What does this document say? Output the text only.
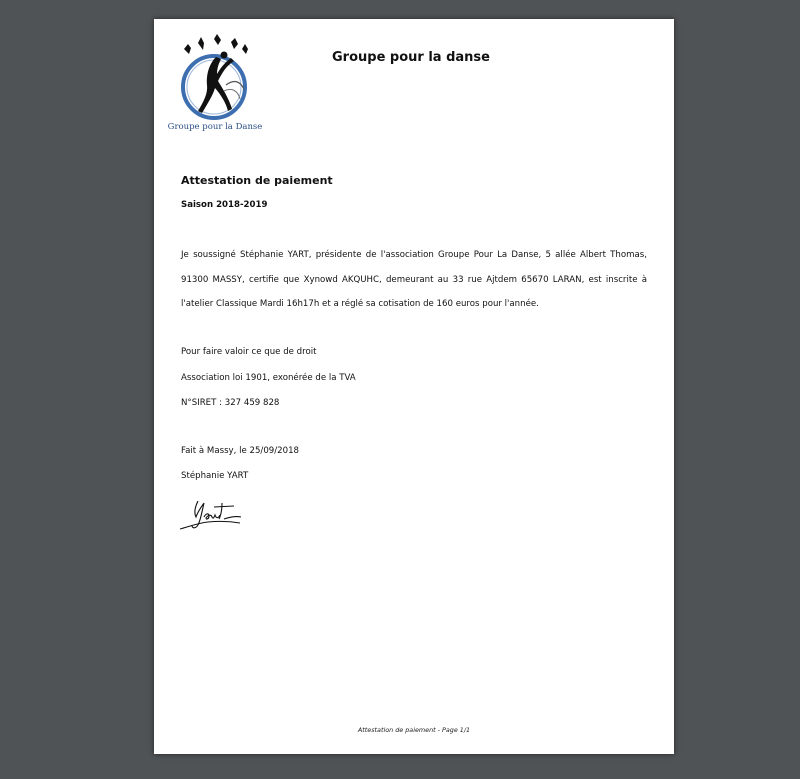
Groupe pour la Danse
Groupe pour la danse
Attestation de paiement
Saison 2018-2019
Je soussigné Stéphanie YART, présidente de l'association Groupe Pour La Danse, 5 allée Albert Thomas, 91300 MASSY, certifie que Xynowd AKQUHC, demeurant au 33 rue Ajtdem 65670 LARAN, est inscrite à l'atelier Classique Mardi 16h17h et a réglé sa cotisation de 160 euros pour l'année.
Pour faire valoir ce que de droit
Association loi 1901, exonérée de la TVA
N°SIRET : 327 459 828
Fait à Massy, le 25/09/2018
Stéphanie YART
Attestation de paiement - Page 1/1
